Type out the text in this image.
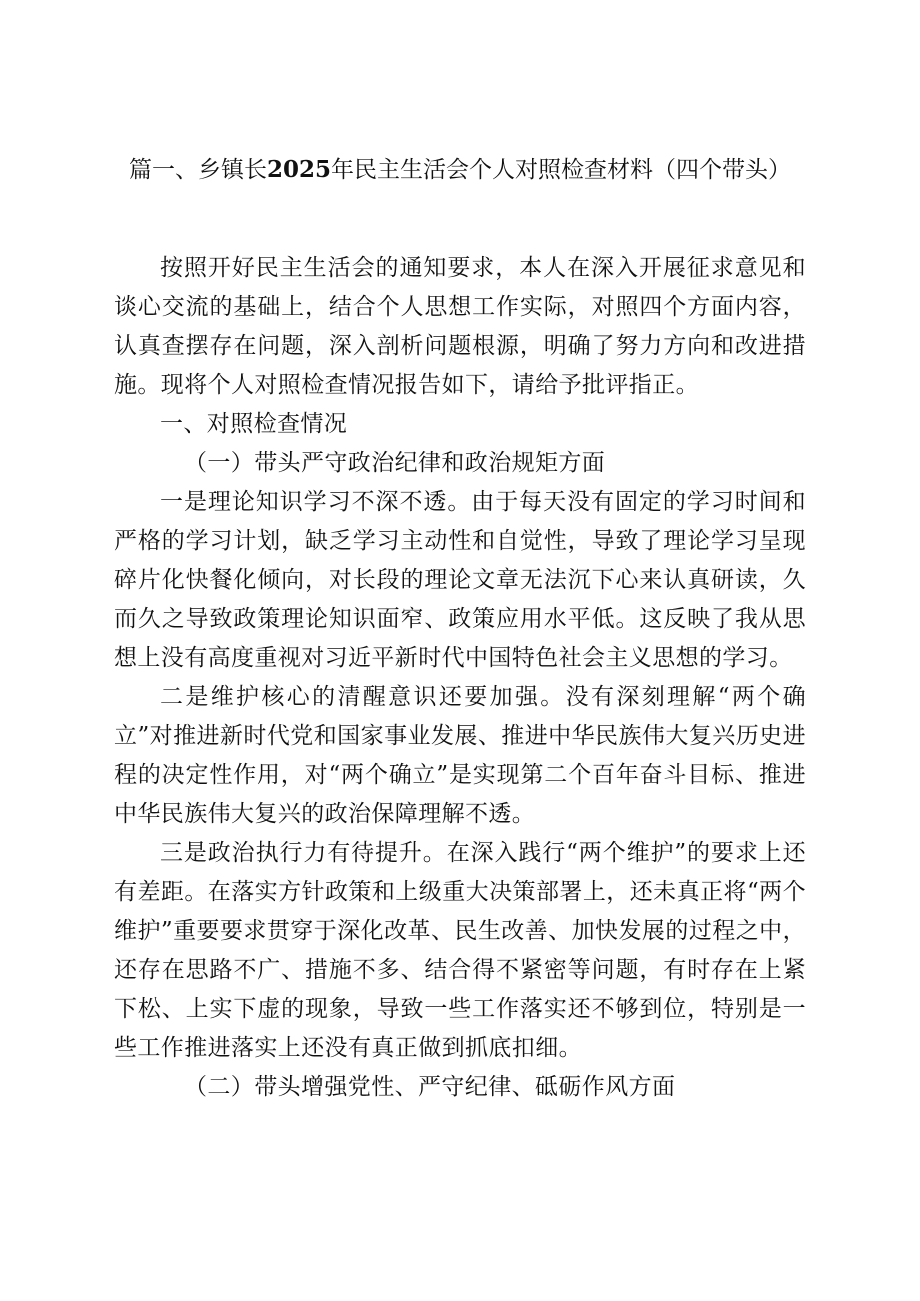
篇一、乡镇长2025年民主生活会个人对照检查材料（四个带头）

按照开好民主生活会的通知要求，本人在深入开展征求意见和谈心交流的基础上，结合个人思想工作实际，对照四个方面内容，认真查摆存在问题，深入剖析问题根源，明确了努力方向和改进措施。现将个人对照检查情况报告如下，请给予批评指正。

一、对照检查情况

（一）带头严守政治纪律和政治规矩方面

一是理论知识学习不深不透。由于每天没有固定的学习时间和严格的学习计划，缺乏学习主动性和自觉性，导致了理论学习呈现碎片化快餐化倾向，对长段的理论文章无法沉下心来认真研读，久而久之导致政策理论知识面窄、政策应用水平低。这反映了我从思想上没有高度重视对习近平新时代中国特色社会主义思想的学习。

二是维护核心的清醒意识还要加强。没有深刻理解“两个确立”对推进新时代党和国家事业发展、推进中华民族伟大复兴历史进程的决定性作用，对“两个确立”是实现第二个百年奋斗目标、推进中华民族伟大复兴的政治保障理解不透。

三是政治执行力有待提升。在深入践行“两个维护”的要求上还有差距。在落实方针政策和上级重大决策部署上，还未真正将“两个维护”重要要求贯穿于深化改革、民生改善、加快发展的过程之中，还存在思路不广、措施不多、结合得不紧密等问题，有时存在上紧下松、上实下虚的现象，导致一些工作落实还不够到位，特别是一些工作推进落实上还没有真正做到抓底扣细。

（二）带头增强党性、严守纪律、砥砺作风方面
